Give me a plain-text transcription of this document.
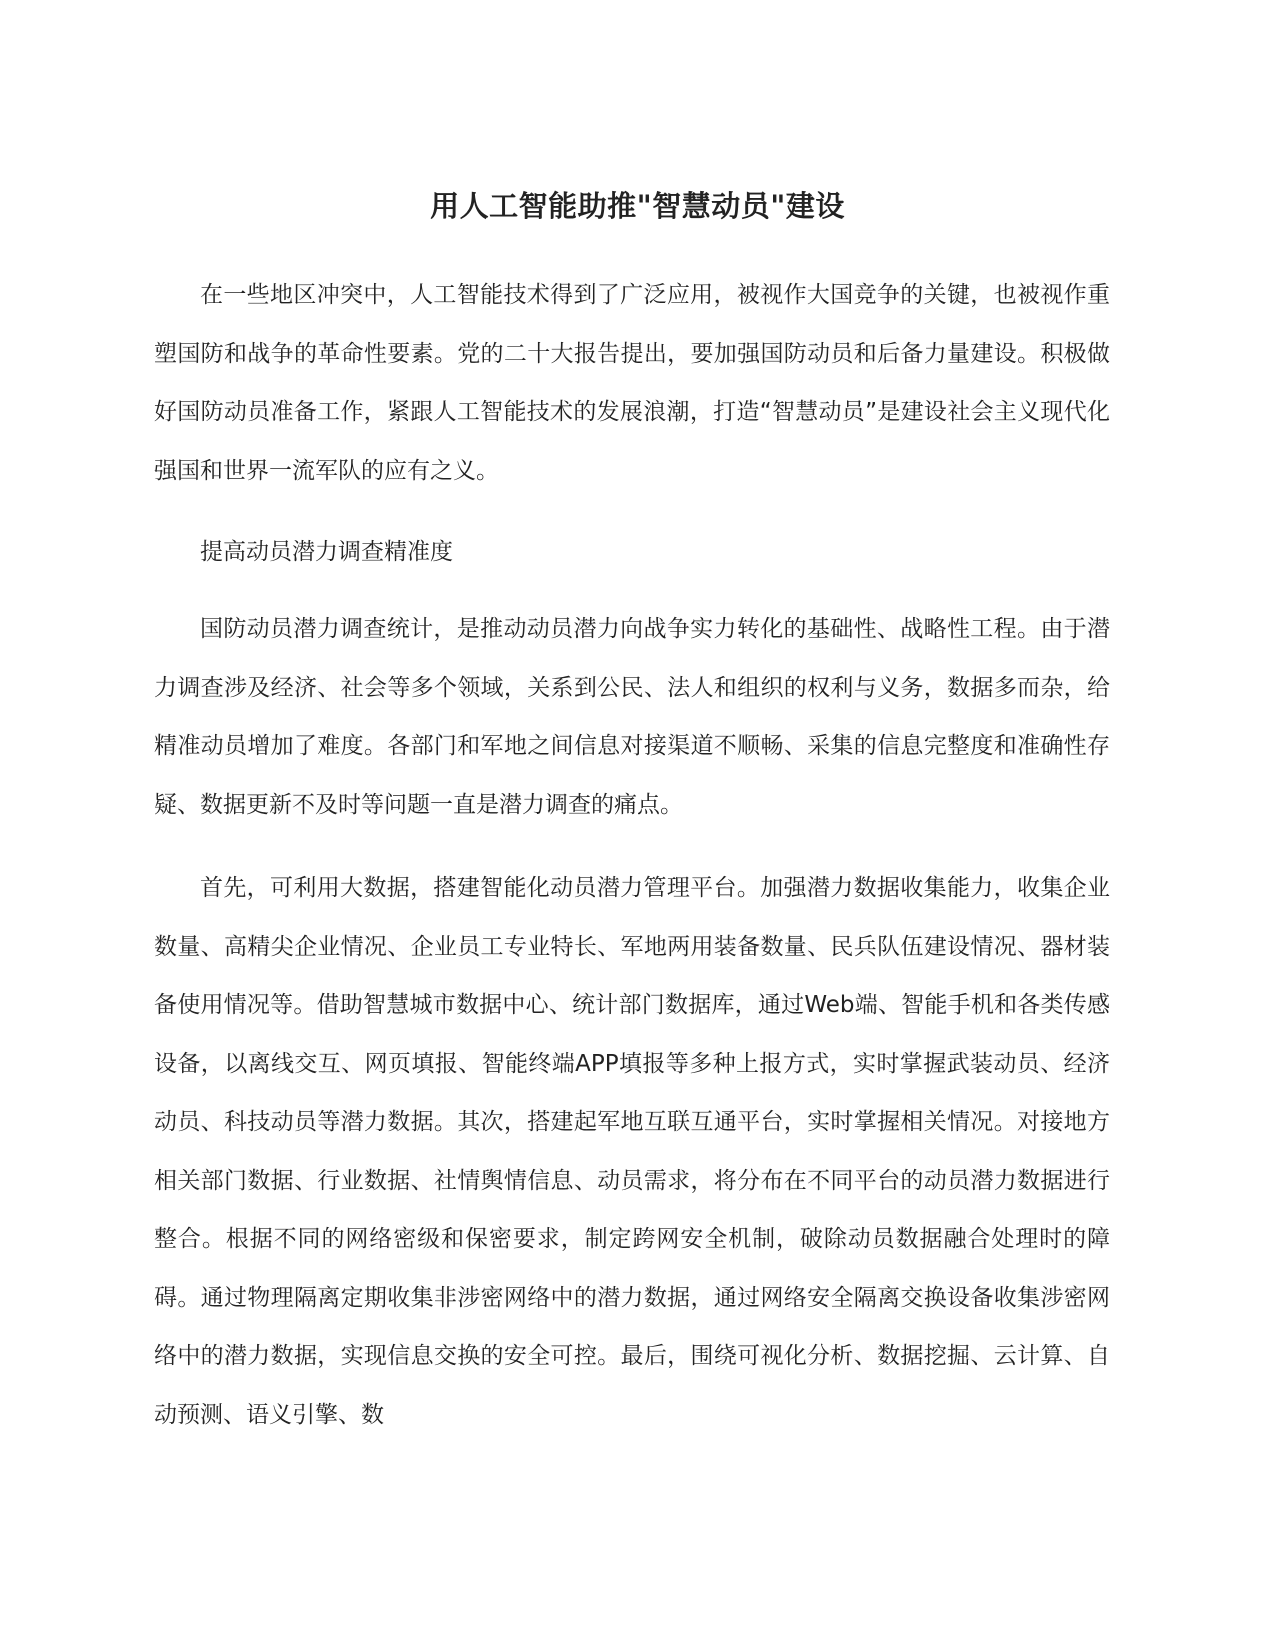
用人工智能助推"智慧动员"建设

在一些地区冲突中，人工智能技术得到了广泛应用，被视作大国竞争的关键，也被视作重塑国防和战争的革命性要素。党的二十大报告提出，要加强国防动员和后备力量建设。积极做好国防动员准备工作，紧跟人工智能技术的发展浪潮，打造“智慧动员”是建设社会主义现代化强国和世界一流军队的应有之义。

提高动员潜力调查精准度

国防动员潜力调查统计，是推动动员潜力向战争实力转化的基础性、战略性工程。由于潜力调查涉及经济、社会等多个领域，关系到公民、法人和组织的权利与义务，数据多而杂，给精准动员增加了难度。各部门和军地之间信息对接渠道不顺畅、采集的信息完整度和准确性存疑、数据更新不及时等问题一直是潜力调查的痛点。

首先，可利用大数据，搭建智能化动员潜力管理平台。加强潜力数据收集能力，收集企业数量、高精尖企业情况、企业员工专业特长、军地两用装备数量、民兵队伍建设情况、器材装备使用情况等。借助智慧城市数据中心、统计部门数据库，通过Web端、智能手机和各类传感设备，以离线交互、网页填报、智能终端APP填报等多种上报方式，实时掌握武装动员、经济动员、科技动员等潜力数据。其次，搭建起军地互联互通平台，实时掌握相关情况。对接地方相关部门数据、行业数据、社情舆情信息、动员需求，将分布在不同平台的动员潜力数据进行整合。根据不同的网络密级和保密要求，制定跨网安全机制，破除动员数据融合处理时的障碍。通过物理隔离定期收集非涉密网络中的潜力数据，通过网络安全隔离交换设备收集涉密网络中的潜力数据，实现信息交换的安全可控。最后，围绕可视化分析、数据挖掘、云计算、自动预测、语义引擎、数
